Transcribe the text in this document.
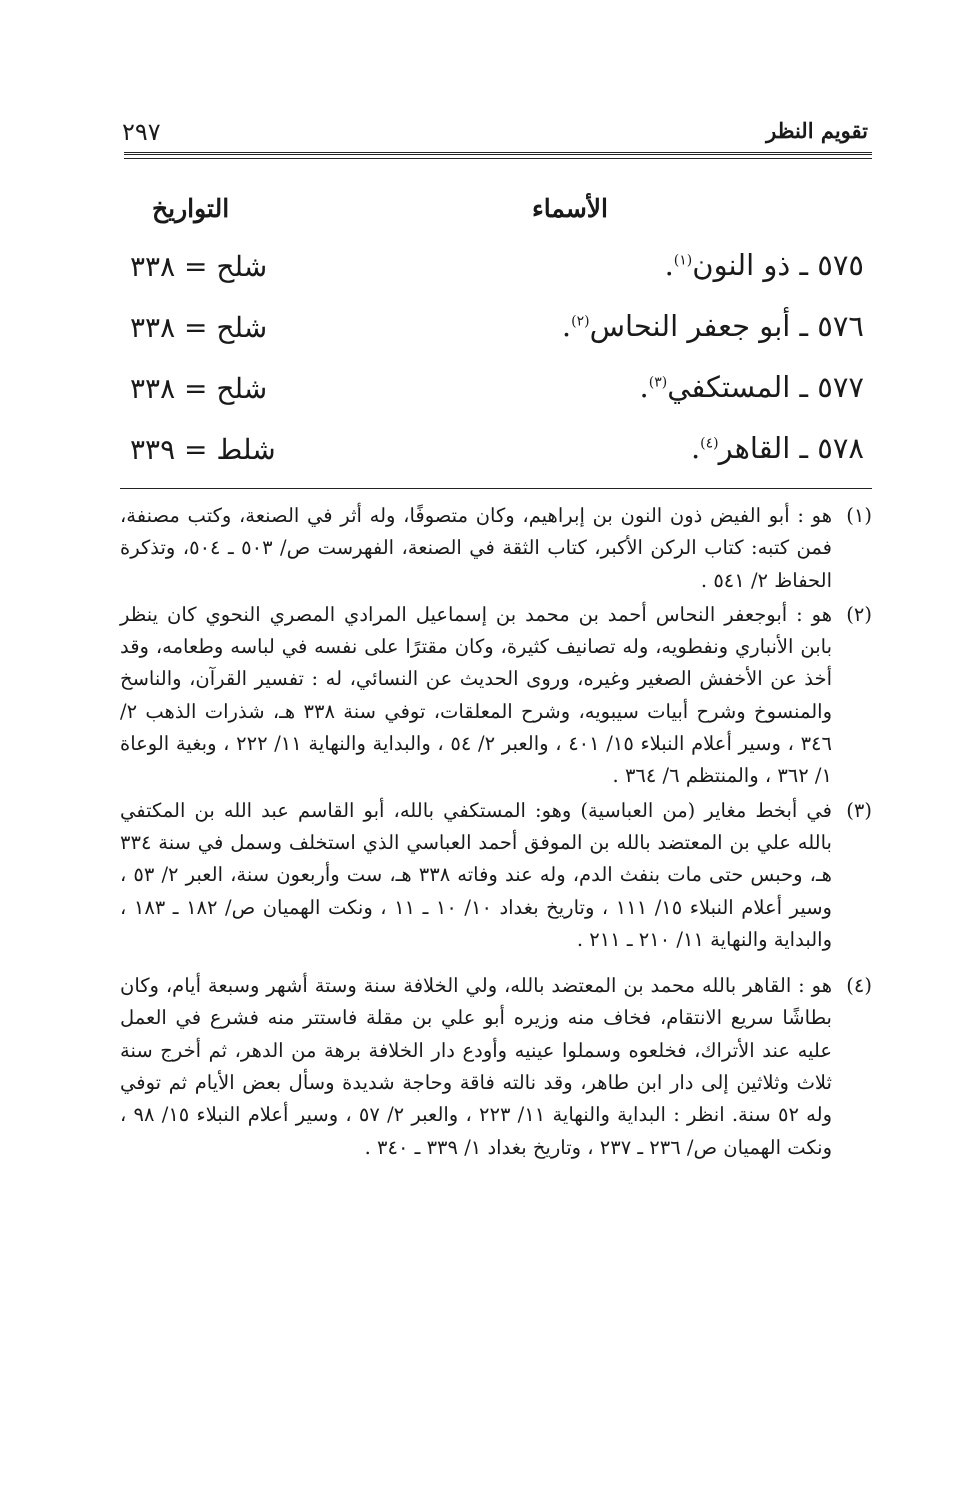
تقويم النظر
٢٩٧
الأسماء
التواريخ
٥٧٥ ـ ذو النون$^{(١)}$.
شلح = ٣٣٨
٥٧٦ ـ أبو جعفر النحاس$^{(٢)}$.
شلح = ٣٣٨
٥٧٧ ـ المستكفي$^{(٣)}$.
شلح = ٣٣٨
٥٧٨ ـ القاهر$^{(٤)}$.
شلط = ٣٣٩
(١)
هو : أبو الفيض ذون النون بن إبراهيم، وكان متصوفًا، وله أثر في الصنعة، وكتب مصنفة، فمن كتبه: كتاب الركن الأكبر، كتاب الثقة في الصنعة، الفهرست ص/ ٥٠٣ ـ ٥٠٤، وتذكرة الحفاظ ٢/ ٥٤١ .
(٢)
هو : أبوجعفر النحاس أحمد بن محمد بن إسماعيل المرادي المصري النحوي كان ينظر بابن الأنباري ونفطويه، وله تصانيف كثيرة، وكان مقترًا على نفسه في لباسه وطعامه، وقد أخذ عن الأخفش الصغير وغيره، وروى الحديث عن النسائي، له : تفسير القرآن، والناسخ والمنسوخ وشرح أبيات سيبويه، وشرح المعلقات، توفي سنة ٣٣٨ هـ، شذرات الذهب ٢/ ٣٤٦ ، وسير أعلام النبلاء ١٥/ ٤٠١ ، والعبر ٢/ ٥٤ ، والبداية والنهاية ١١/ ٢٢٢ ، وبغية الوعاة ١/ ٣٦٢ ، والمنتظم ٦/ ٣٦٤ .
(٣)
في أبخط مغاير (من العباسية) وهو: المستكفي بالله، أبو القاسم عبد الله بن المكتفي بالله علي بن المعتضد بالله بن الموفق أحمد العباسي الذي استخلف وسمل في سنة ٣٣٤ هـ، وحبس حتى مات بنفث الدم، وله عند وفاته ٣٣٨ هـ، ست وأربعون سنة، العبر ٢/ ٥٣ ، وسير أعلام النبلاء ١٥/ ١١١ ، وتاريخ بغداد ١٠/ ١٠ ـ ١١ ، ونكت الهميان ص/ ١٨٢ ـ ١٨٣ ، والبداية والنهاية ١١/ ٢١٠ ـ ٢١١ .
(٤)
هو : القاهر بالله محمد بن المعتضد بالله، ولي الخلافة سنة وستة أشهر وسبعة أيام، وكان بطاشًا سريع الانتقام، فخاف منه وزيره أبو علي بن مقلة فاستتر منه فشرع في العمل عليه عند الأتراك، فخلعوه وسملوا عينيه وأودع دار الخلافة برهة من الدهر، ثم أخرج سنة ثلاث وثلاثين إلى دار ابن طاهر، وقد نالته فاقة وحاجة شديدة وسأل بعض الأيام ثم توفي وله ٥٢ سنة. انظر : البداية والنهاية ١١/ ٢٢٣ ، والعبر ٢/ ٥٧ ، وسير أعلام النبلاء ١٥/ ٩٨ ، ونكت الهميان ص/ ٢٣٦ ـ ٢٣٧ ، وتاريخ بغداد ١/ ٣٣٩ ـ ٣٤٠ .
